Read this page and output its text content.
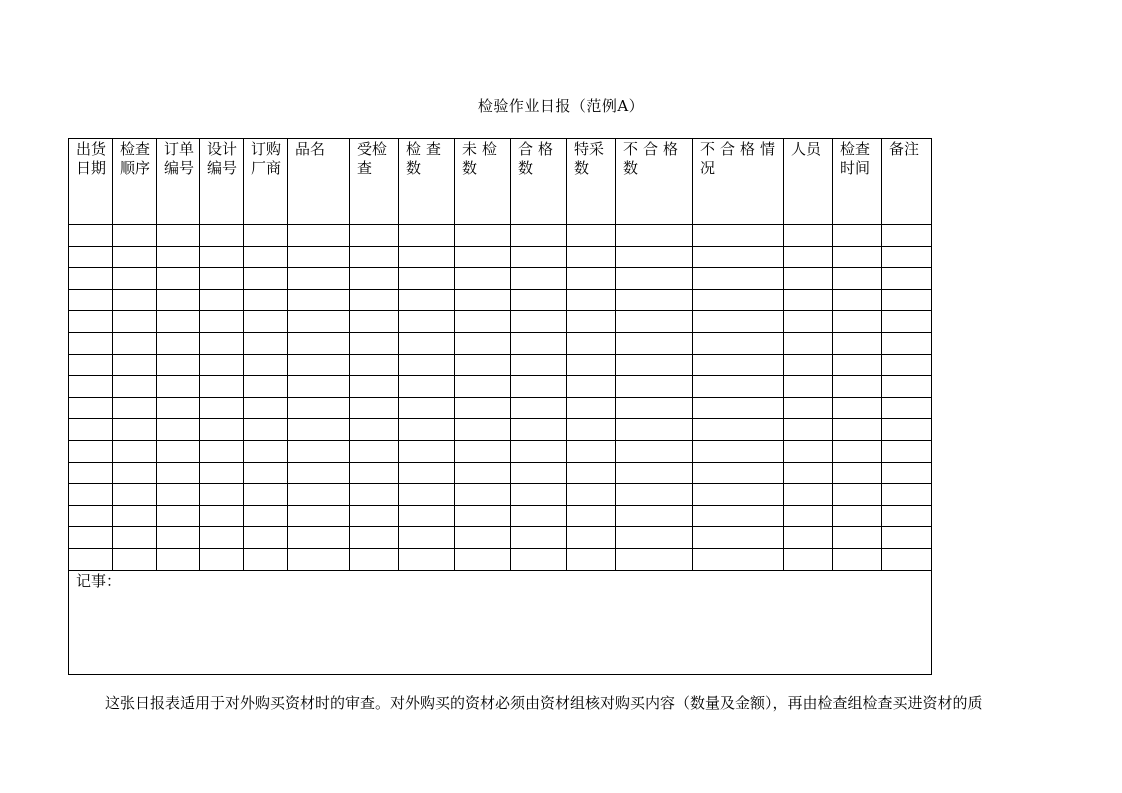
检验作业日报（范例A）
出货日期	检查顺序	订单编号	设计编号	订购厂商	品名	受检查	检查数	未检数	合格数	特采数	不合格数	不合格情况	人员	检查时间	备注

记事：															
这张日报表适用于对外购买资材时的审查。对外购买的资材必须由资材组核对购买内容（数量及金额），再由检查组检查买进资材的质
